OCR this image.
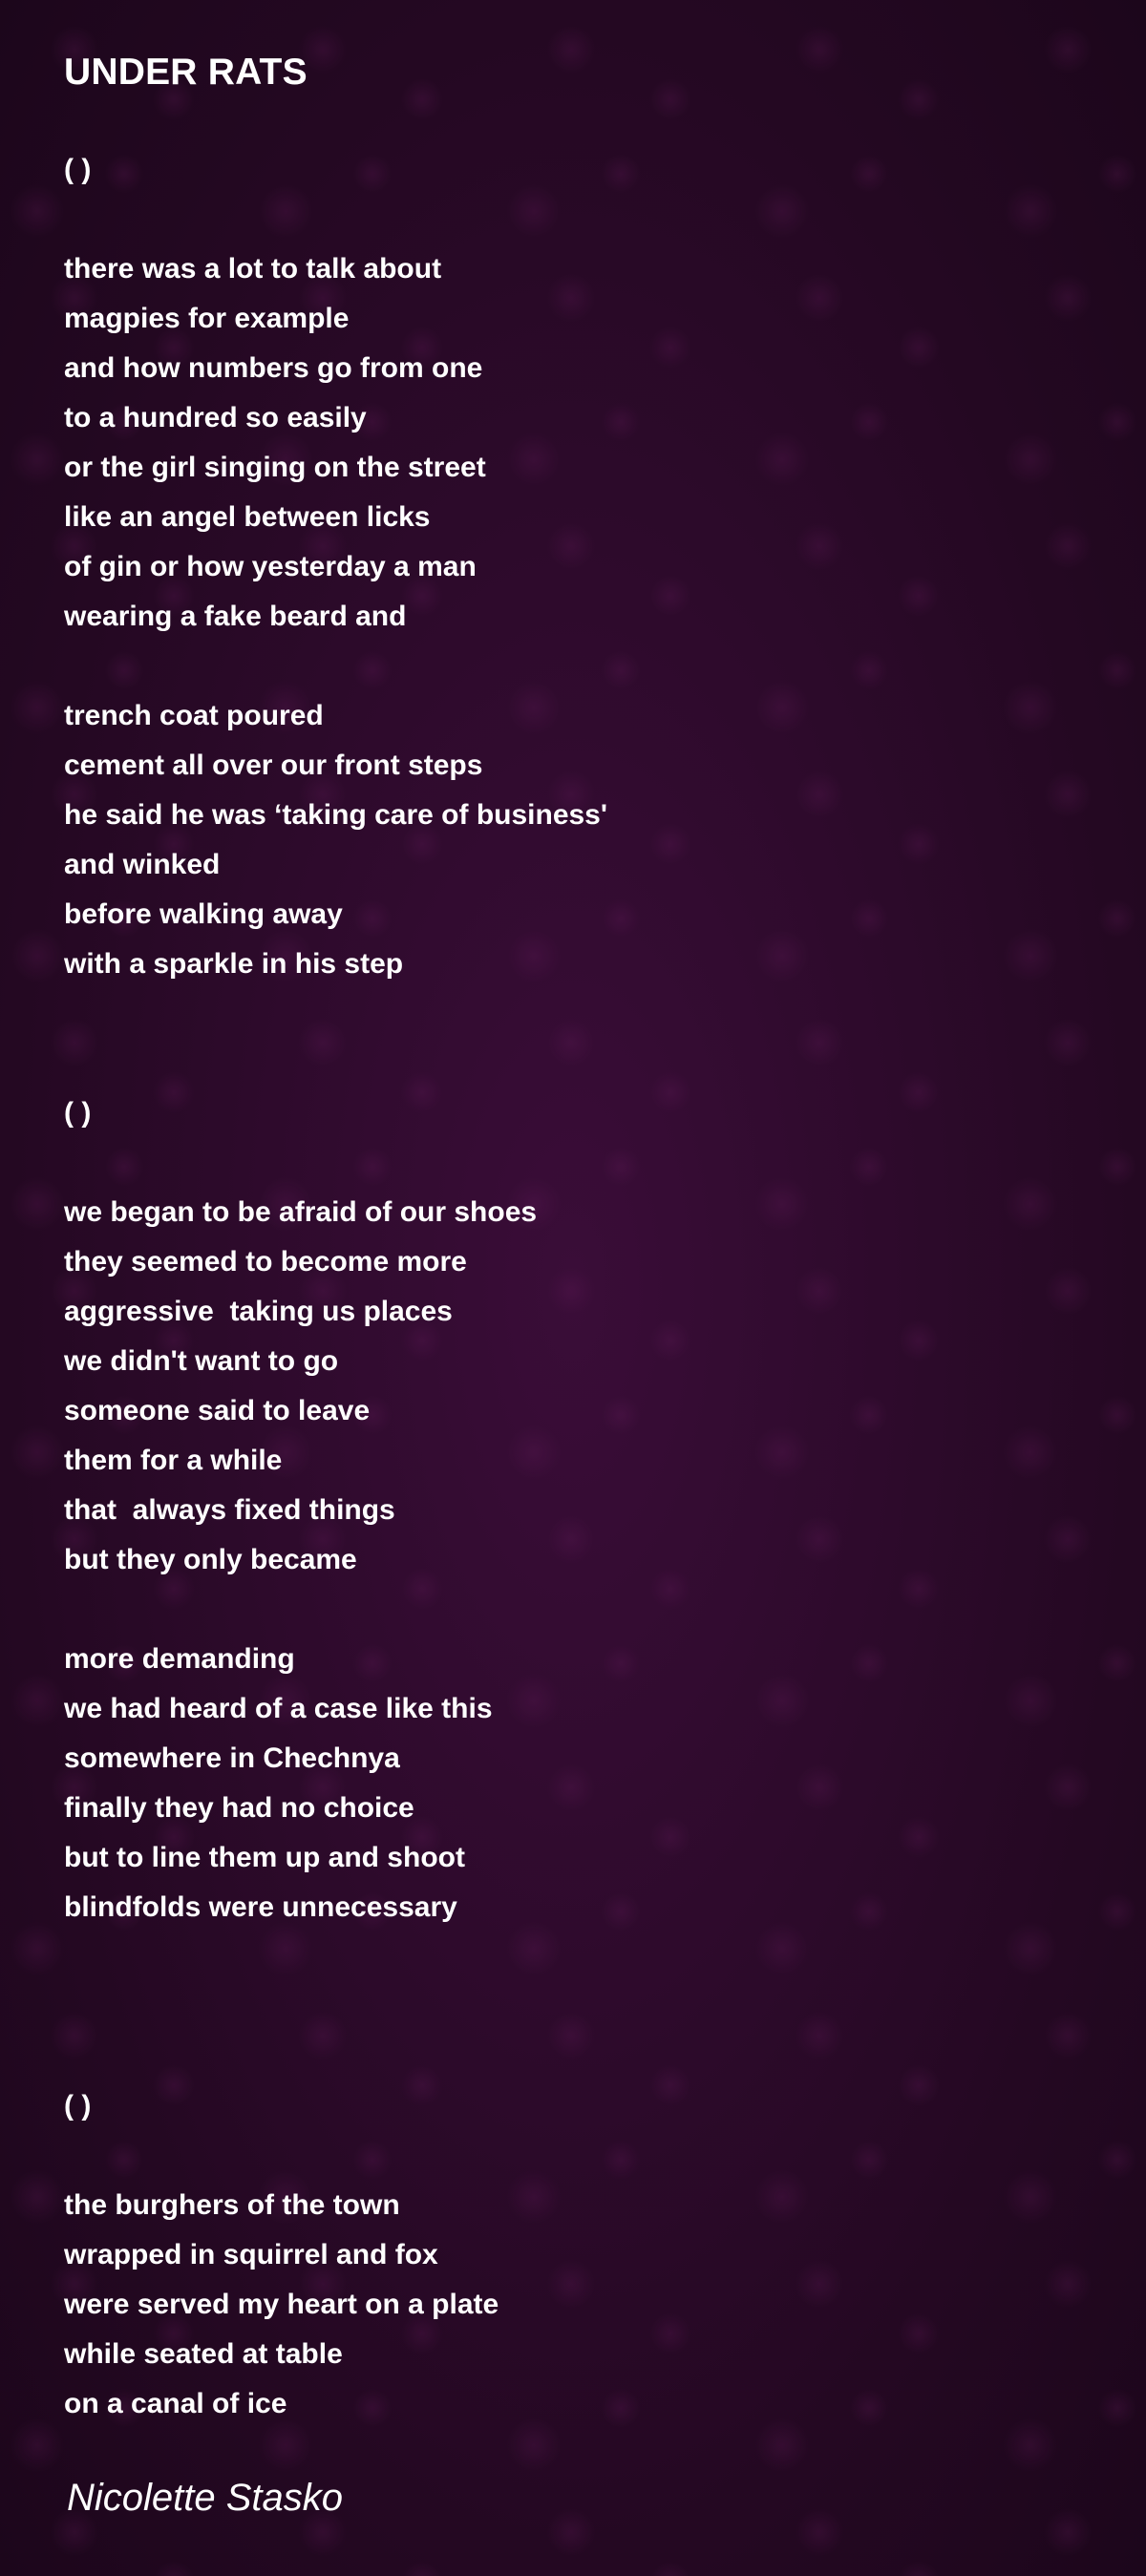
UNDER RATS
( )
there was a lot to talk about
magpies for example
and how numbers go from one
to a hundred so easily
or the girl singing on the street
like an angel between licks
of gin or how yesterday a man
wearing a fake beard and
trench coat poured
cement all over our front steps
he said he was ‘taking care of business'
and winked
before walking away
with a sparkle in his step
( )
we began to be afraid of our shoes
they seemed to become more
aggressive  taking us places
we didn't want to go
someone said to leave
them for a while
that  always fixed things
but they only became
more demanding
we had heard of a case like this
somewhere in Chechnya
finally they had no choice
but to line them up and shoot
blindfolds were unnecessary
( )
the burghers of the town
wrapped in squirrel and fox
were served my heart on a plate
while seated at table
on a canal of ice
Nicolette Stasko
